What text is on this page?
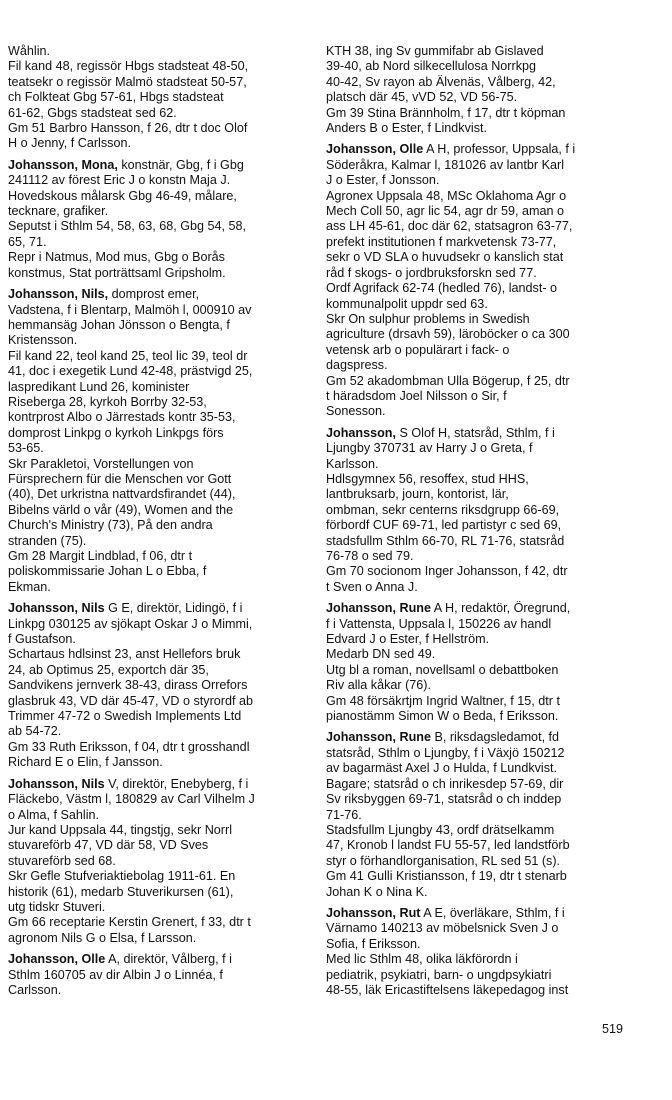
Wåhlin.
Fil kand 48, regissör Hbgs stadsteat 48-50,
teatsekr o regissör Malmö stadsteat 50-57,
ch Folkteat Gbg 57-61, Hbgs stadsteat
61-62, Gbgs stadsteat sed 62.
Gm 51 Barbro Hansson, f 26, dtr t doc Olof
H o Jenny, f Carlsson.
Johansson, Mona, konstnär, Gbg, f i Gbg
241112 av förest Eric J o konstn Maja J.
Hovedskous målarsk Gbg 46-49, målare,
tecknare, grafiker.
Seputst i Sthlm 54, 58, 63, 68, Gbg 54, 58,
65, 71.
Repr i Natmus, Mod mus, Gbg o Borås
konstmus, Stat porträttsaml Gripsholm.
Johansson, Nils, domprost emer,
Vadstena, f i Blentarp, Malmöh l, 000910 av
hemmansäg Johan Jönsson o Bengta, f
Kristensson.
Fil kand 22, teol kand 25, teol lic 39, teol dr
41, doc i exegetik Lund 42-48, prästvigd 25,
laspredikant Lund 26, kominister
Riseberga 28, kyrkoh Borrby 32-53,
kontrprost Albo o Järrestads kontr 35-53,
domprost Linkpg o kyrkoh Linkpgs förs
53-65.
Skr Parakletoi, Vorstellungen von
Fürsprechern für die Menschen vor Gott
(40), Det urkristna nattvardsfirandet (44),
Bibelns värld o vår (49), Women and the
Church's Ministry (73), På den andra
stranden (75).
Gm 28 Margit Lindblad, f 06, dtr t
poliskommissarie Johan L o Ebba, f
Ekman.
Johansson, Nils G E, direktör, Lidingö, f i
Linkpg 030125 av sjökapt Oskar J o Mimmi,
f Gustafson.
Schartaus hdlsinst 23, anst Hellefors bruk
24, ab Optimus 25, exportch där 35,
Sandvikens jernverk 38-43, dirass Orrefors
glasbruk 43, VD där 45-47, VD o styrordf ab
Trimmer 47-72 o Swedish Implements Ltd
ab 54-72.
Gm 33 Ruth Eriksson, f 04, dtr t grosshandl
Richard E o Elin, f Jansson.
Johansson, Nils V, direktör, Enebyberg, f i
Fläckebo, Västm l, 180829 av Carl Vilhelm J
o Alma, f Sahlin.
Jur kand Uppsala 44, tingstjg, sekr Norrl
stuvareförb 47, VD där 58, VD Sves
stuvareförb sed 68.
Skr Gefle Stufveriaktiebolag 1911-61. En
historik (61), medarb Stuverikursen (61),
utg tidskr Stuveri.
Gm 66 receptarie Kerstin Grenert, f 33, dtr t
agronom Nils G o Elsa, f Larsson.
Johansson, Olle A, direktör, Vålberg, f i
Sthlm 160705 av dir Albin J o Linnéa, f
Carlsson.
KTH 38, ing Sv gummifabr ab Gislaved
39-40, ab Nord silkecellulosa Norrkpg
40-42, Sv rayon ab Älvenäs, Vålberg, 42,
platsch där 45, vVD 52, VD 56-75.
Gm 39 Stina Brännholm, f 17, dtr t köpman
Anders B o Ester, f Lindkvist.
Johansson, Olle A H, professor, Uppsala, f i
Söderåkra, Kalmar l, 181026 av lantbr Karl
J o Ester, f Jonsson.
Agronex Uppsala 48, MSc Oklahoma Agr o
Mech Coll 50, agr lic 54, agr dr 59, aman o
ass LH 45-61, doc där 62, statsagron 63-77,
prefekt institutionen f markvetensk 73-77,
sekr o VD SLA o huvudsekr o kanslich stat
råd f skogs- o jordbruksforskn sed 77.
Ordf Agrifack 62-74 (hedled 76), landst- o
kommunalpolit uppdr sed 63.
Skr On sulphur problems in Swedish
agriculture (drsavh 59), läroböcker o ca 300
vetensk arb o populärart i fack- o
dagspress.
Gm 52 akadombman Ulla Bögerup, f 25, dtr
t häradsdom Joel Nilsson o Sir, f
Sonesson.
Johansson, S Olof H, statsråd, Sthlm, f i
Ljungby 370731 av Harry J o Greta, f
Karlsson.
Hdlsgymnex 56, resoffex, stud HHS,
lantbruksarb, journ, kontorist, lär,
ombman, sekr centerns riksdgrupp 66-69,
förbordf CUF 69-71, led partistyr c sed 69,
stadsfullm Sthlm 66-70, RL 71-76, statsråd
76-78 o sed 79.
Gm 70 socionom Inger Johansson, f 42, dtr
t Sven o Anna J.
Johansson, Rune A H, redaktör, Öregrund,
f i Vattensta, Uppsala l, 150226 av handl
Edvard J o Ester, f Hellström.
Medarb DN sed 49.
Utg bl a roman, novellsaml o debattboken
Riv alla kåkar (76).
Gm 48 försäkrtjm Ingrid Waltner, f 15, dtr t
pianostämm Simon W o Beda, f Eriksson.
Johansson, Rune B, riksdagsledamot, fd
statsråd, Sthlm o Ljungby, f i Växjö 150212
av bagarmäst Axel J o Hulda, f Lundkvist.
Bagare; statsråd o ch inrikesdep 57-69, dir
Sv riksbyggen 69-71, statsråd o ch inddep
71-76.
Stadsfullm Ljungby 43, ordf drätselkamm
47, Kronob l landst FU 55-57, led landstförb
styr o förhandlorganisation, RL sed 51 (s).
Gm 41 Gulli Kristiansson, f 19, dtr t stenarb
Johan K o Nina K.
Johansson, Rut A E, överläkare, Sthlm, f i
Värnamo 140213 av möbelsnick Sven J o
Sofia, f Eriksson.
Med lic Sthlm 48, olika läkförordn i
pediatrik, psykiatri, barn- o ungdpsykiatri
48-55, läk Ericastiftelsens läkepedagog inst
519
